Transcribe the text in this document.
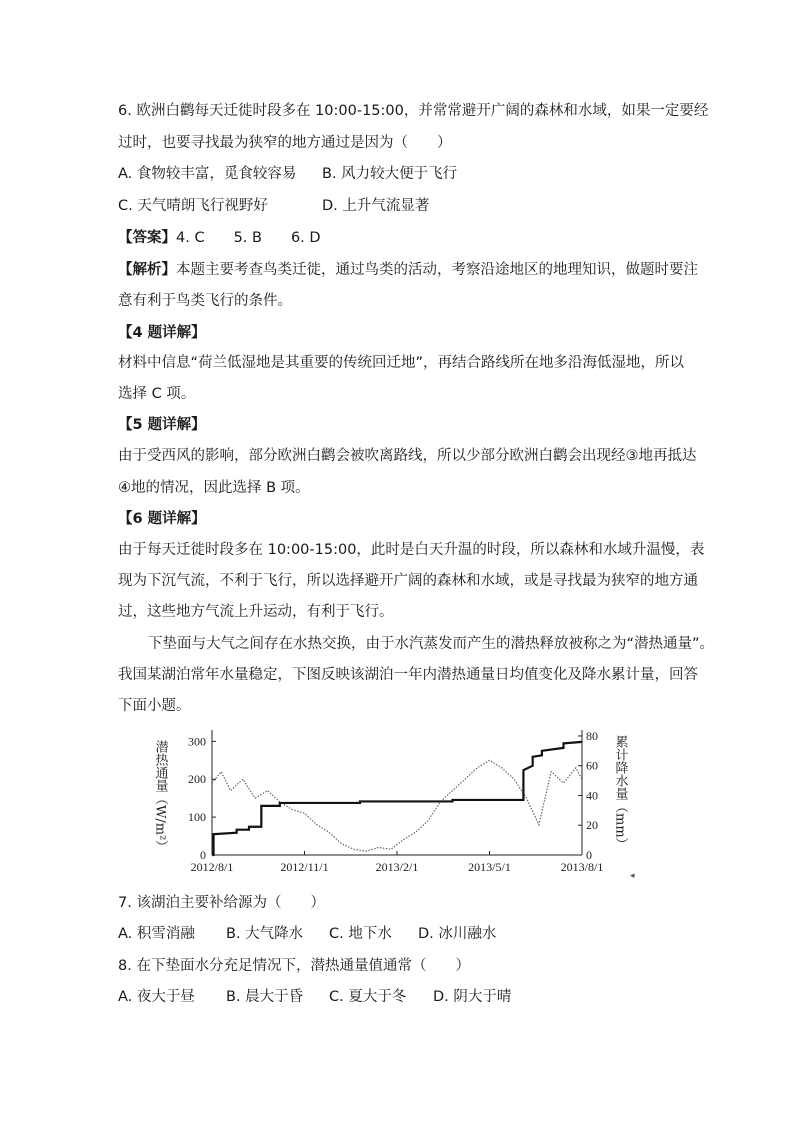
6. 欧洲白鹳每天迁徙时段多在 10:00-15:00，并常常避开广阔的森林和水域，如果一定要经
过时，也要寻找最为狭窄的地方通过是因为（　　）
A. 食物较丰富，觅食较容易 B. 风力较大便于飞行
C. 天气晴朗飞行视野好	D. 上升气流显著
【答案】4. C　　5. B　　6. D
【解析】本题主要考查鸟类迁徙，通过鸟类的活动，考察沿途地区的地理知识，做题时要注
意有利于鸟类飞行的条件。
【4 题详解】
材料中信息“荷兰低湿地是其重要的传统回迁地”，再结合路线所在地多沿海低湿地，所以
选择 C 项。
【5 题详解】
由于受西风的影响，部分欧洲白鹳会被吹离路线，所以少部分欧洲白鹳会出现经③地再抵达
④地的情况，因此选择 B 项。
【6 题详解】
由于每天迁徙时段多在 10:00-15:00，此时是白天升温的时段，所以森林和水域升温慢，表
现为下沉气流，不利于飞行，所以选择避开广阔的森林和水域，或是寻找最为狭窄的地方通
过，这些地方气流上升运动，有利于飞行。
下垫面与大气之间存在水热交换，由于水汽蒸发而产生的潜热释放被称之为“潜热通量”。
我国某湖泊常年水量稳定，下图反映该湖泊一年内潜热通量日均值变化及降水累计量，回答
下面小题。
0
100
200
300
0
20
40
60
80
2012/8/1	2012/11/1	2013/2/1	2013/5/1	2013/8/1
潜热通量（W/m²）	累计降水量（mm）
◂
7. 该湖泊主要补给源为（　　）
A. 积雪消融 B. 大气降水 C. 地下水 D. 冰川融水
8. 在下垫面水分充足情况下，潜热通量值通常（　　）
A. 夜大于昼 B. 晨大于昏 C. 夏大于冬 D. 阴大于晴
